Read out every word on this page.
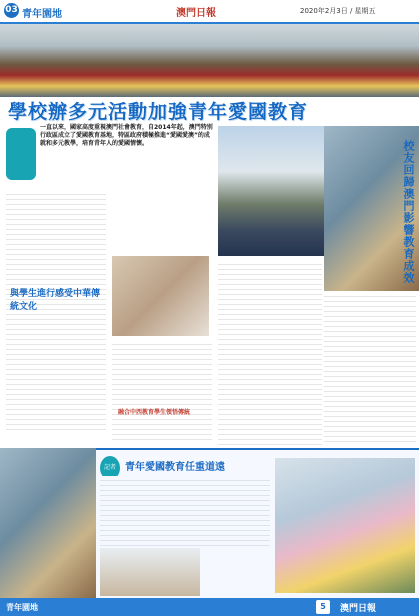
03 青年園地	澳門日報	2020年2月3日 / 星期五
學校辦多元活動加強青年愛國教育
一直以來，國家高度重視澳門社會教育，自2014年起，澳門特別行政區成立了愛國教育基地，特區政府積極推進“愛國愛澳”的成就和多元教學，培育青年人的愛國情懷。
與學生進行感受中華傳統文化
融合中西教育學生領悟傳統
校友回歸澳門影響教育成效
記者 青年愛國教育任重道遠
青年園地	5	澳門日報
